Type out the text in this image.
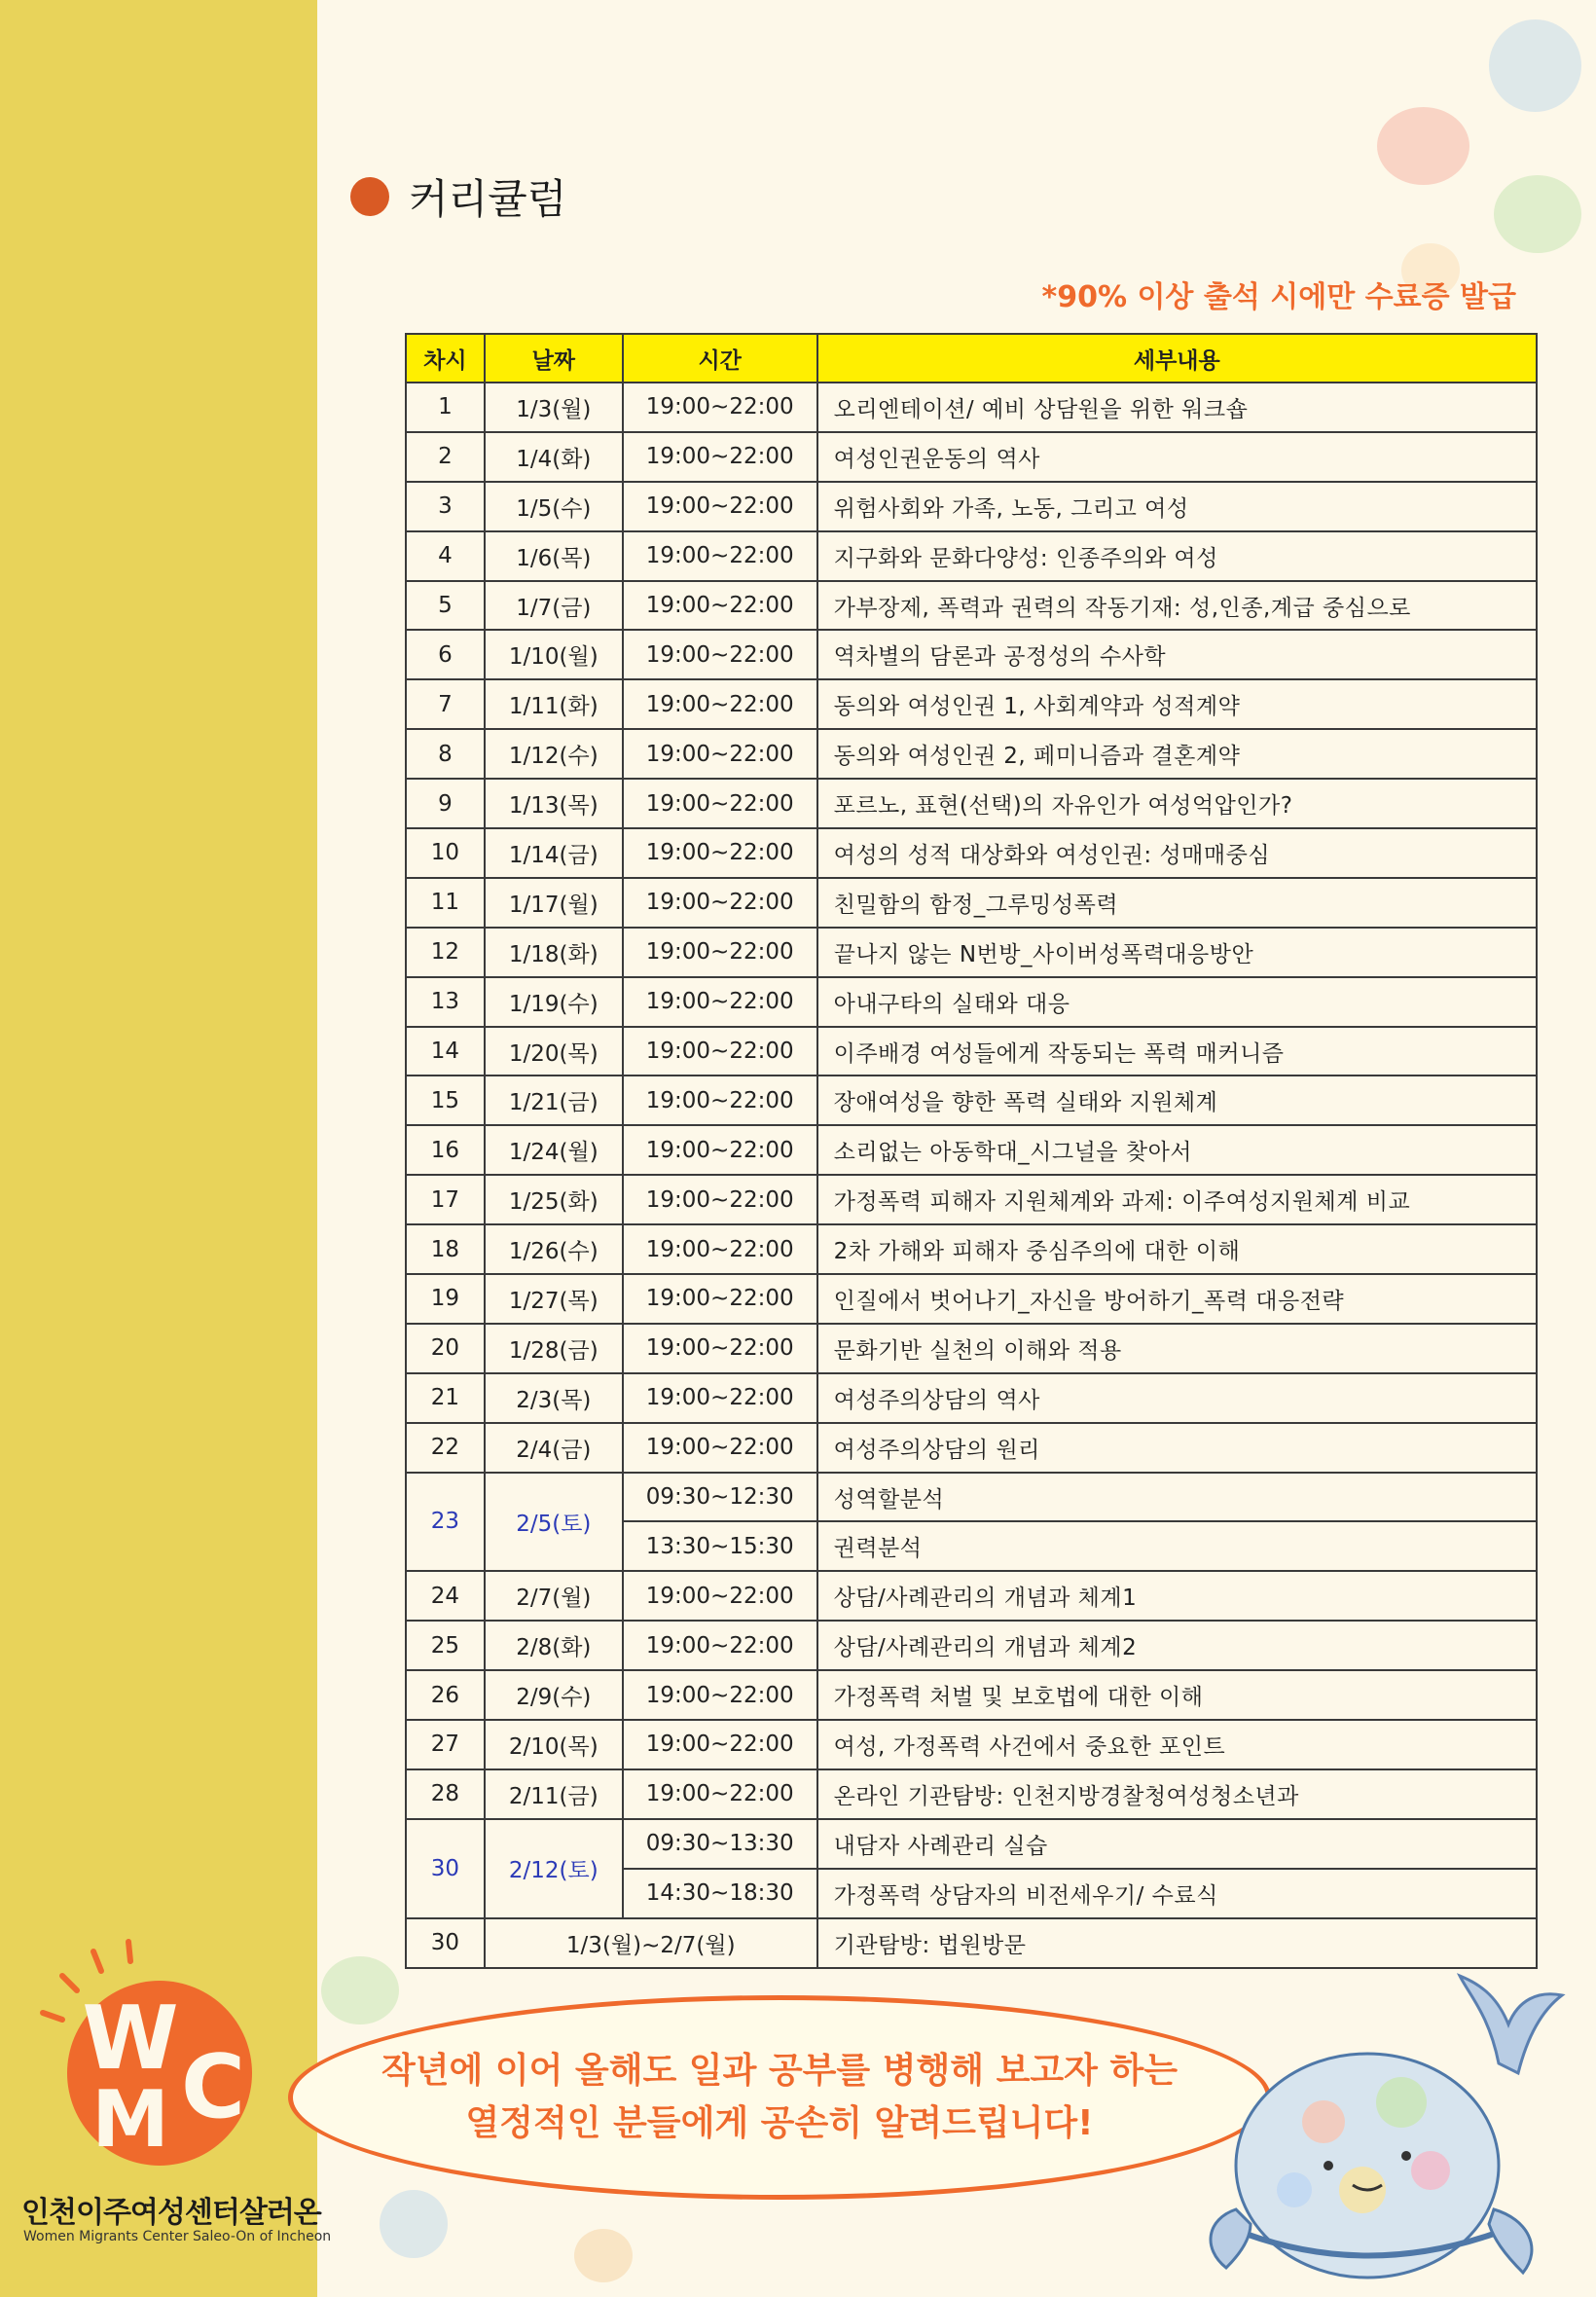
커리큘럼
*90% 이상 출석 시에만 수료증 발급
차시	날짜	시간	세부내용
1	1/3(월)	19:00~22:00	오리엔테이션/ 예비 상담원을 위한 워크숍
2	1/4(화)	19:00~22:00	여성인권운동의 역사
3	1/5(수)	19:00~22:00	위험사회와 가족, 노동, 그리고 여성
4	1/6(목)	19:00~22:00	지구화와 문화다양성: 인종주의와 여성
5	1/7(금)	19:00~22:00	가부장제, 폭력과 권력의 작동기재: 성,인종,계급 중심으로
6	1/10(월)	19:00~22:00	역차별의 담론과 공정성의 수사학
7	1/11(화)	19:00~22:00	동의와 여성인권 1, 사회계약과 성적계약
8	1/12(수)	19:00~22:00	동의와 여성인권 2, 페미니즘과 결혼계약
9	1/13(목)	19:00~22:00	포르노, 표현(선택)의 자유인가 여성억압인가?
10	1/14(금)	19:00~22:00	여성의 성적 대상화와 여성인권: 성매매중심
11	1/17(월)	19:00~22:00	친밀함의 함정_그루밍성폭력
12	1/18(화)	19:00~22:00	끝나지 않는 N번방_사이버성폭력대응방안
13	1/19(수)	19:00~22:00	아내구타의 실태와 대응
14	1/20(목)	19:00~22:00	이주배경 여성들에게 작동되는 폭력 매커니즘
15	1/21(금)	19:00~22:00	장애여성을 향한 폭력 실태와 지원체계
16	1/24(월)	19:00~22:00	소리없는 아동학대_시그널을 찾아서
17	1/25(화)	19:00~22:00	가정폭력 피해자 지원체계와 과제: 이주여성지원체계 비교
18	1/26(수)	19:00~22:00	2차 가해와 피해자 중심주의에 대한 이해
19	1/27(목)	19:00~22:00	인질에서 벗어나기_자신을 방어하기_폭력 대응전략
20	1/28(금)	19:00~22:00	문화기반 실천의 이해와 적용
21	2/3(목)	19:00~22:00	여성주의상담의 역사
22	2/4(금)	19:00~22:00	여성주의상담의 원리
23	2/5(토)	09:30~12:30	성역할분석
		13:30~15:30	권력분석
24	2/7(월)	19:00~22:00	상담/사례관리의 개념과 체계1
25	2/8(화)	19:00~22:00	상담/사례관리의 개념과 체계2
26	2/9(수)	19:00~22:00	가정폭력 처벌 및 보호법에 대한 이해
27	2/10(목)	19:00~22:00	여성, 가정폭력 사건에서 중요한 포인트
28	2/11(금)	19:00~22:00	온라인 기관탐방: 인천지방경찰청여성청소년과
30	2/12(토)	09:30~13:30	내담자 사례관리 실습
		14:30~18:30	가정폭력 상담자의 비전세우기/ 수료식
30	1/3(월)~2/7(월)		기관탐방: 법원방문
작년에 이어 올해도 일과 공부를 병행해 보고자 하는
열정적인 분들에게 공손히 알려드립니다!
W
M C
인천이주여성센터살러온
Women Migrants Center Saleo-On of Incheon
